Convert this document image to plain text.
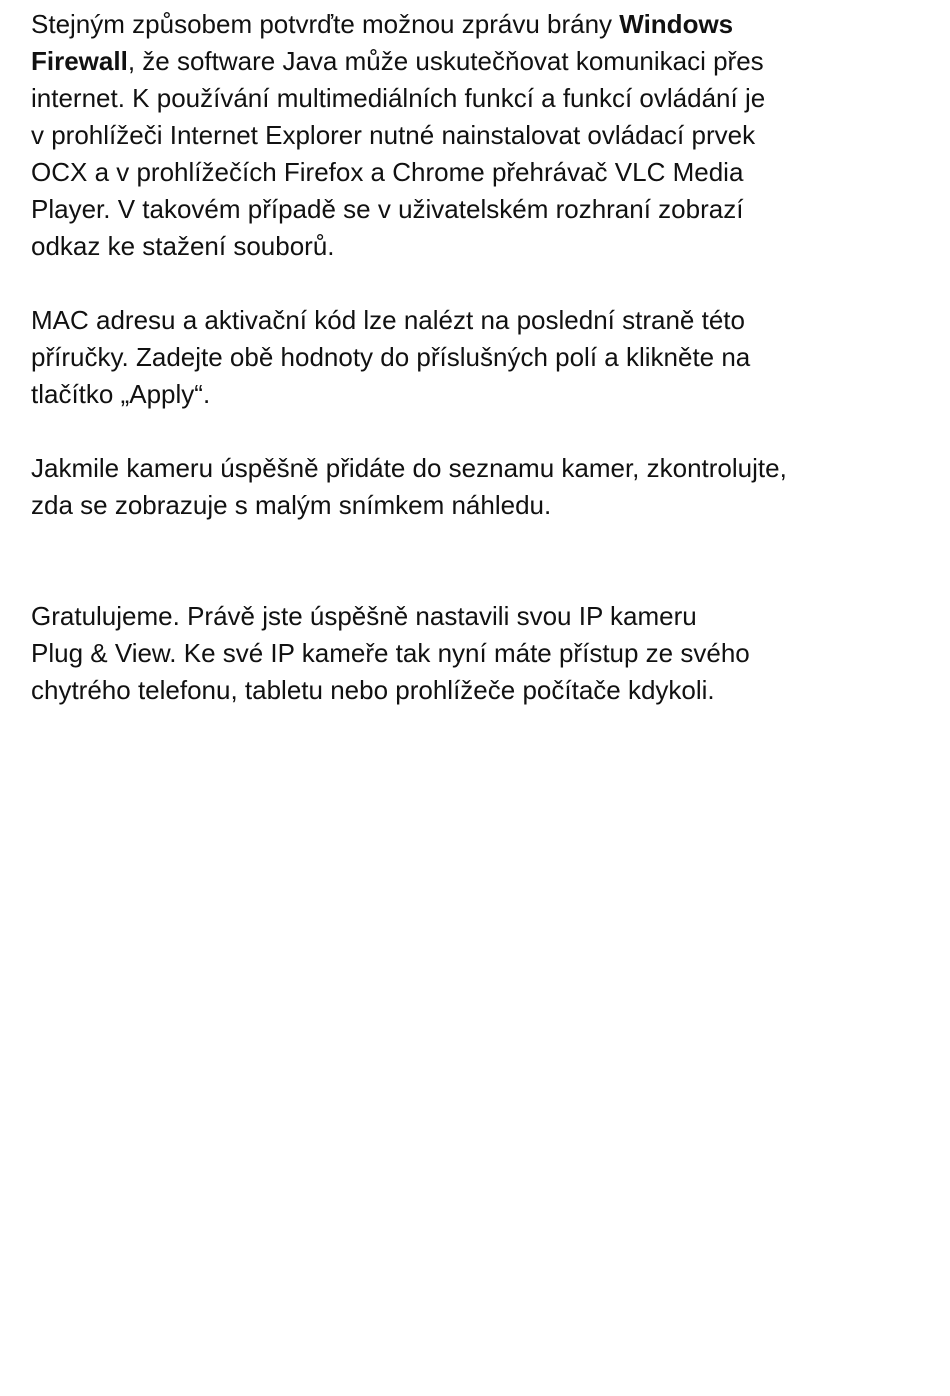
Stejným způsobem potvrďte možnou zprávu brány Windows
Firewall, že software Java může uskutečňovat komunikaci přes
internet. K používání multimediálních funkcí a funkcí ovládání je
v prohlížeči Internet Explorer nutné nainstalovat ovládací prvek
OCX a v prohlížečích Firefox a Chrome přehrávač VLC Media
Player. V takovém případě se v uživatelském rozhraní zobrazí
odkaz ke stažení souborů.

MAC adresu a aktivační kód lze nalézt na poslední straně této
příručky. Zadejte obě hodnoty do příslušných polí a klikněte na
tlačítko „Apply“.

Jakmile kameru úspěšně přidáte do seznamu kamer, zkontrolujte,
zda se zobrazuje s malým snímkem náhledu.

Gratulujeme. Právě jste úspěšně nastavili svou IP kameru
Plug & View. Ke své IP kameře tak nyní máte přístup ze svého
chytrého telefonu, tabletu nebo prohlížeče počítače kdykoli.
